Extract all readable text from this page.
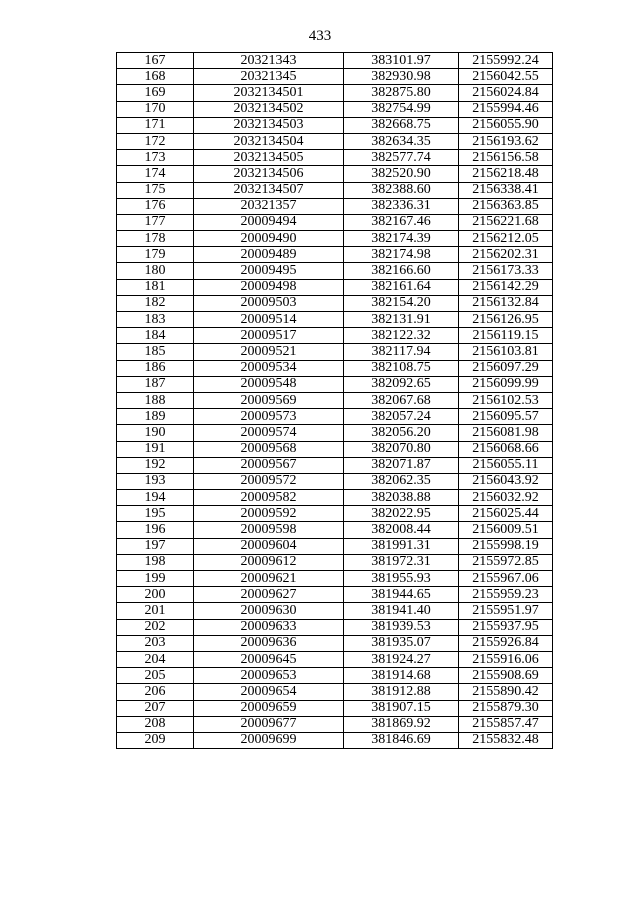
433
167	20321343	383101.97	2155992.24
168	20321345	382930.98	2156042.55
169	2032134501	382875.80	2156024.84
170	2032134502	382754.99	2155994.46
171	2032134503	382668.75	2156055.90
172	2032134504	382634.35	2156193.62
173	2032134505	382577.74	2156156.58
174	2032134506	382520.90	2156218.48
175	2032134507	382388.60	2156338.41
176	20321357	382336.31	2156363.85
177	20009494	382167.46	2156221.68
178	20009490	382174.39	2156212.05
179	20009489	382174.98	2156202.31
180	20009495	382166.60	2156173.33
181	20009498	382161.64	2156142.29
182	20009503	382154.20	2156132.84
183	20009514	382131.91	2156126.95
184	20009517	382122.32	2156119.15
185	20009521	382117.94	2156103.81
186	20009534	382108.75	2156097.29
187	20009548	382092.65	2156099.99
188	20009569	382067.68	2156102.53
189	20009573	382057.24	2156095.57
190	20009574	382056.20	2156081.98
191	20009568	382070.80	2156068.66
192	20009567	382071.87	2156055.11
193	20009572	382062.35	2156043.92
194	20009582	382038.88	2156032.92
195	20009592	382022.95	2156025.44
196	20009598	382008.44	2156009.51
197	20009604	381991.31	2155998.19
198	20009612	381972.31	2155972.85
199	20009621	381955.93	2155967.06
200	20009627	381944.65	2155959.23
201	20009630	381941.40	2155951.97
202	20009633	381939.53	2155937.95
203	20009636	381935.07	2155926.84
204	20009645	381924.27	2155916.06
205	20009653	381914.68	2155908.69
206	20009654	381912.88	2155890.42
207	20009659	381907.15	2155879.30
208	20009677	381869.92	2155857.47
209	20009699	381846.69	2155832.48
